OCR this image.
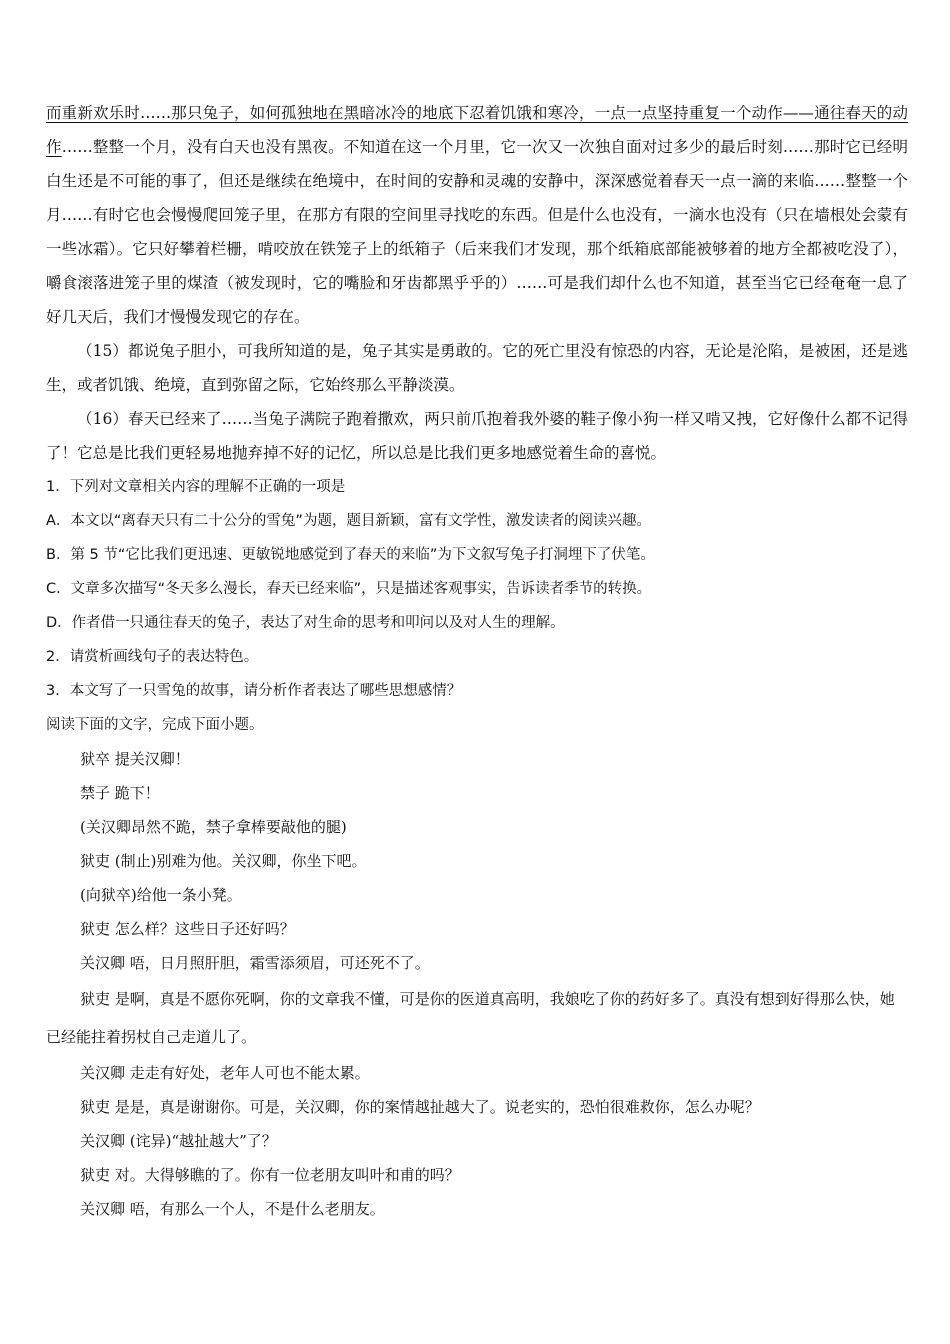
而重新欢乐时……那只兔子，如何孤独地在黑暗冰冷的地底下忍着饥饿和寒冷，一点一点坚持重复一个动作——通往春天的动作……整整一个月，没有白天也没有黑夜。不知道在这一个月里，它一次又一次独自面对过多少的最后时刻……那时它已经明白生还是不可能的事了，但还是继续在绝境中，在时间的安静和灵魂的安静中，深深感觉着春天一点一滴的来临……整整一个月……有时它也会慢慢爬回笼子里，在那方有限的空间里寻找吃的东西。但是什么也没有，一滴水也没有（只在墙根处会蒙有一些冰霜）。它只好攀着栏栅，啃咬放在铁笼子上的纸箱子（后来我们才发现，那个纸箱底部能被够着的地方全都被吃没了），嚼食滚落进笼子里的煤渣（被发现时，它的嘴脸和牙齿都黑乎乎的）……可是我们却什么也不知道，甚至当它已经奄奄一息了好几天后，我们才慢慢发现它的存在。

（15）都说兔子胆小，可我所知道的是，兔子其实是勇敢的。它的死亡里没有惊恐的内容，无论是沦陷，是被困，还是逃生，或者饥饿、绝境，直到弥留之际，它始终那么平静淡漠。

（16）春天已经来了……当兔子满院子跑着撒欢，两只前爪抱着我外婆的鞋子像小狗一样又啃又拽，它好像什么都不记得了！它总是比我们更轻易地抛弃掉不好的记忆，所以总是比我们更多地感觉着生命的喜悦。

1．下列对文章相关内容的理解不正确的一项是

A．本文以“离春天只有二十公分的雪兔”为题，题目新颖，富有文学性，激发读者的阅读兴趣。

B．第 5 节“它比我们更迅速、更敏锐地感觉到了春天的来临”为下文叙写兔子打洞埋下了伏笔。

C．文章多次描写“冬天多么漫长，春天已经来临”，只是描述客观事实，告诉读者季节的转换。

D．作者借一只通往春天的兔子，表达了对生命的思考和叩问以及对人生的理解。

2．请赏析画线句子的表达特色。

3．本文写了一只雪兔的故事，请分析作者表达了哪些思想感情？

阅读下面的文字，完成下面小题。

狱卒 提关汉卿！

禁子 跪下！

(关汉卿昂然不跪，禁子拿棒要敲他的腿)

狱吏 (制止)别难为他。关汉卿，你坐下吧。

(向狱卒)给他一条小凳。

狱吏 怎么样？这些日子还好吗？

关汉卿 唔，日月照肝胆，霜雪添须眉，可还死不了。

狱吏 是啊，真是不愿你死啊，你的文章我不懂，可是你的医道真高明，我娘吃了你的药好多了。真没有想到好得那么快，她已经能拄着拐杖自己走道儿了。

关汉卿 走走有好处，老年人可也不能太累。

狱吏 是是，真是谢谢你。可是，关汉卿，你的案情越扯越大了。说老实的，恐怕很难救你，怎么办呢？

关汉卿 (诧异)“越扯越大”了？

狱吏 对。大得够瞧的了。你有一位老朋友叫叶和甫的吗？

关汉卿 唔，有那么一个人，不是什么老朋友。
